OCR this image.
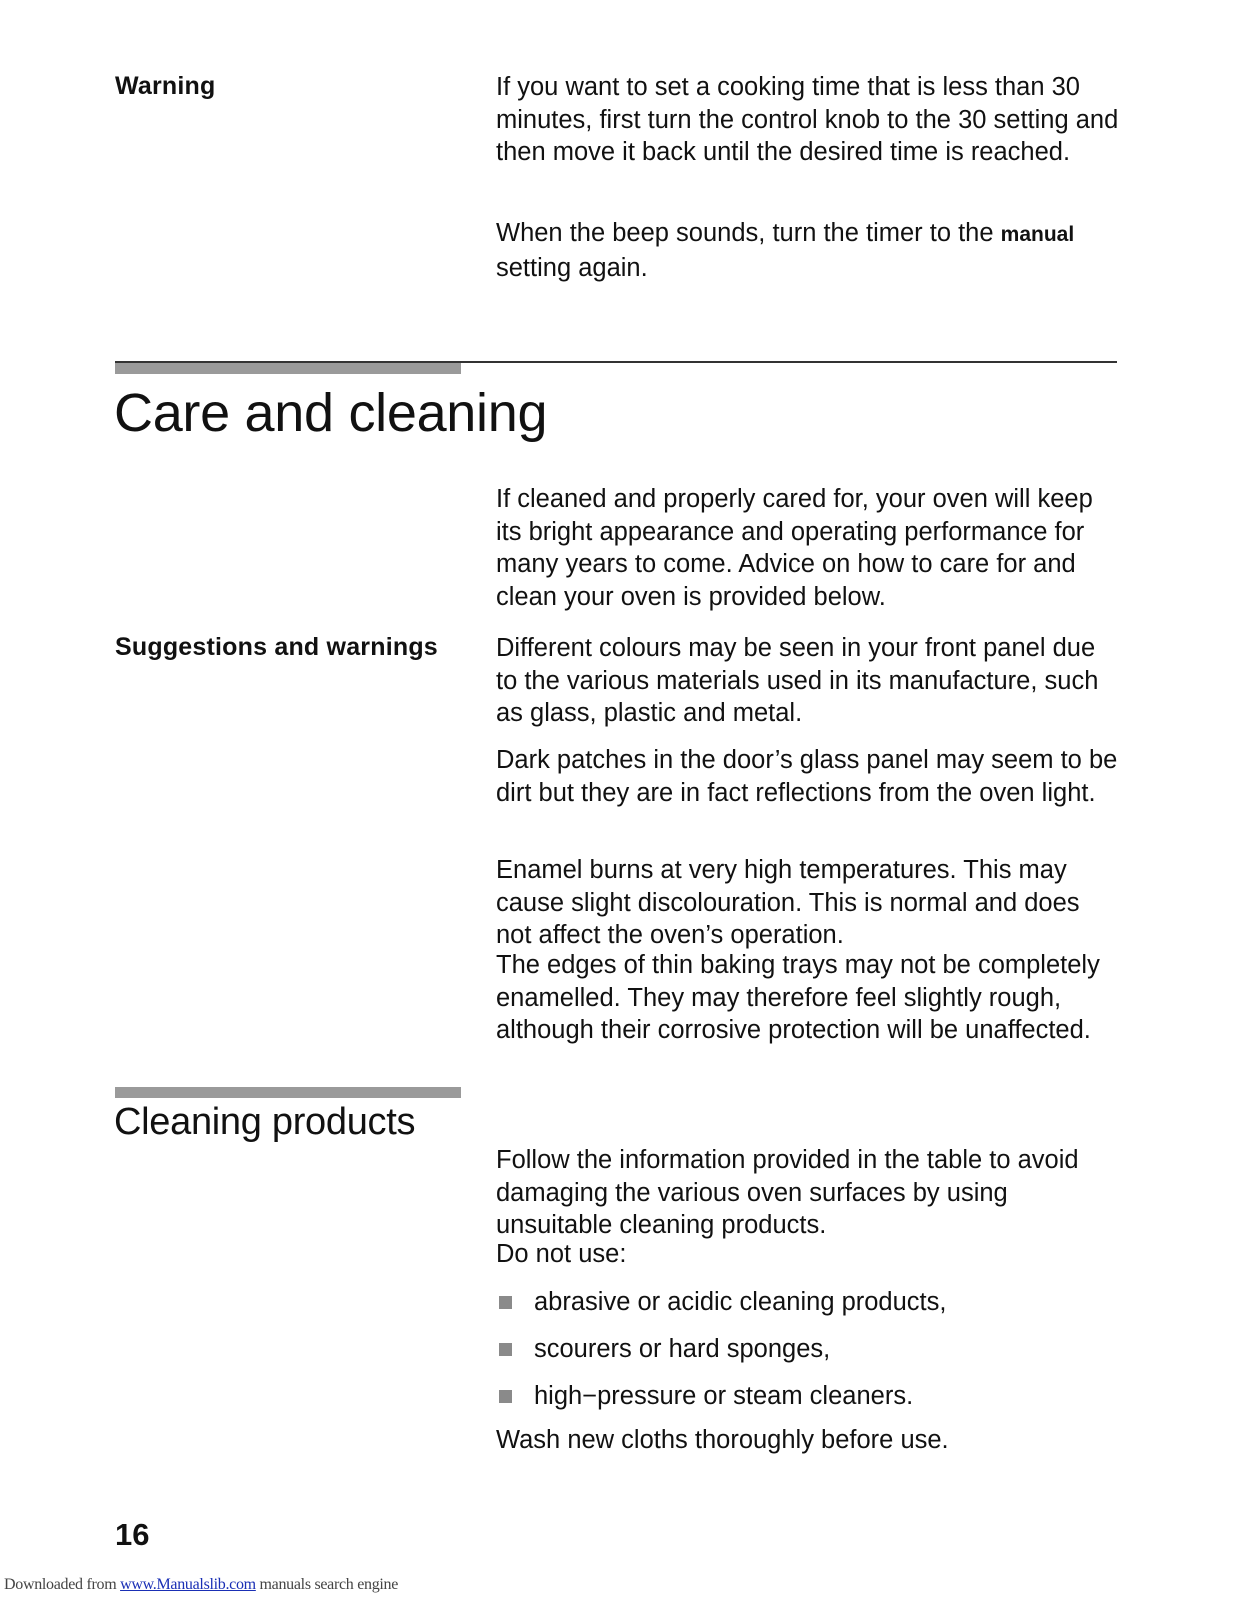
Warning	If you want to set a cooking time that is less than 30 minutes, first turn the control knob to the 30 setting and then move it back until the desired time is reached.

When the beep sounds, turn the timer to the manual setting again.

Care and cleaning

If cleaned and properly cared for, your oven will keep its bright appearance and operating performance for many years to come. Advice on how to care for and clean your oven is provided below.

Suggestions and warnings Different colours may be seen in your front panel due to the various materials used in its manufacture, such as glass, plastic and metal.

Dark patches in the door’s glass panel may seem to be dirt but they are in fact reflections from the oven light.

Enamel burns at very high temperatures. This may cause slight discolouration. This is normal and does not affect the oven’s operation.

The edges of thin baking trays may not be completely enamelled. They may therefore feel slightly rough, although their corrosive protection will be unaffected.

Cleaning products

Follow the information provided in the table to avoid damaging the various oven surfaces by using unsuitable cleaning products.

Do not use:

abrasive or acidic cleaning products,
scourers or hard sponges,
high−pressure or steam cleaners.

Wash new cloths thoroughly before use.

16
Downloaded from www.Manualslib.com manuals search engine
